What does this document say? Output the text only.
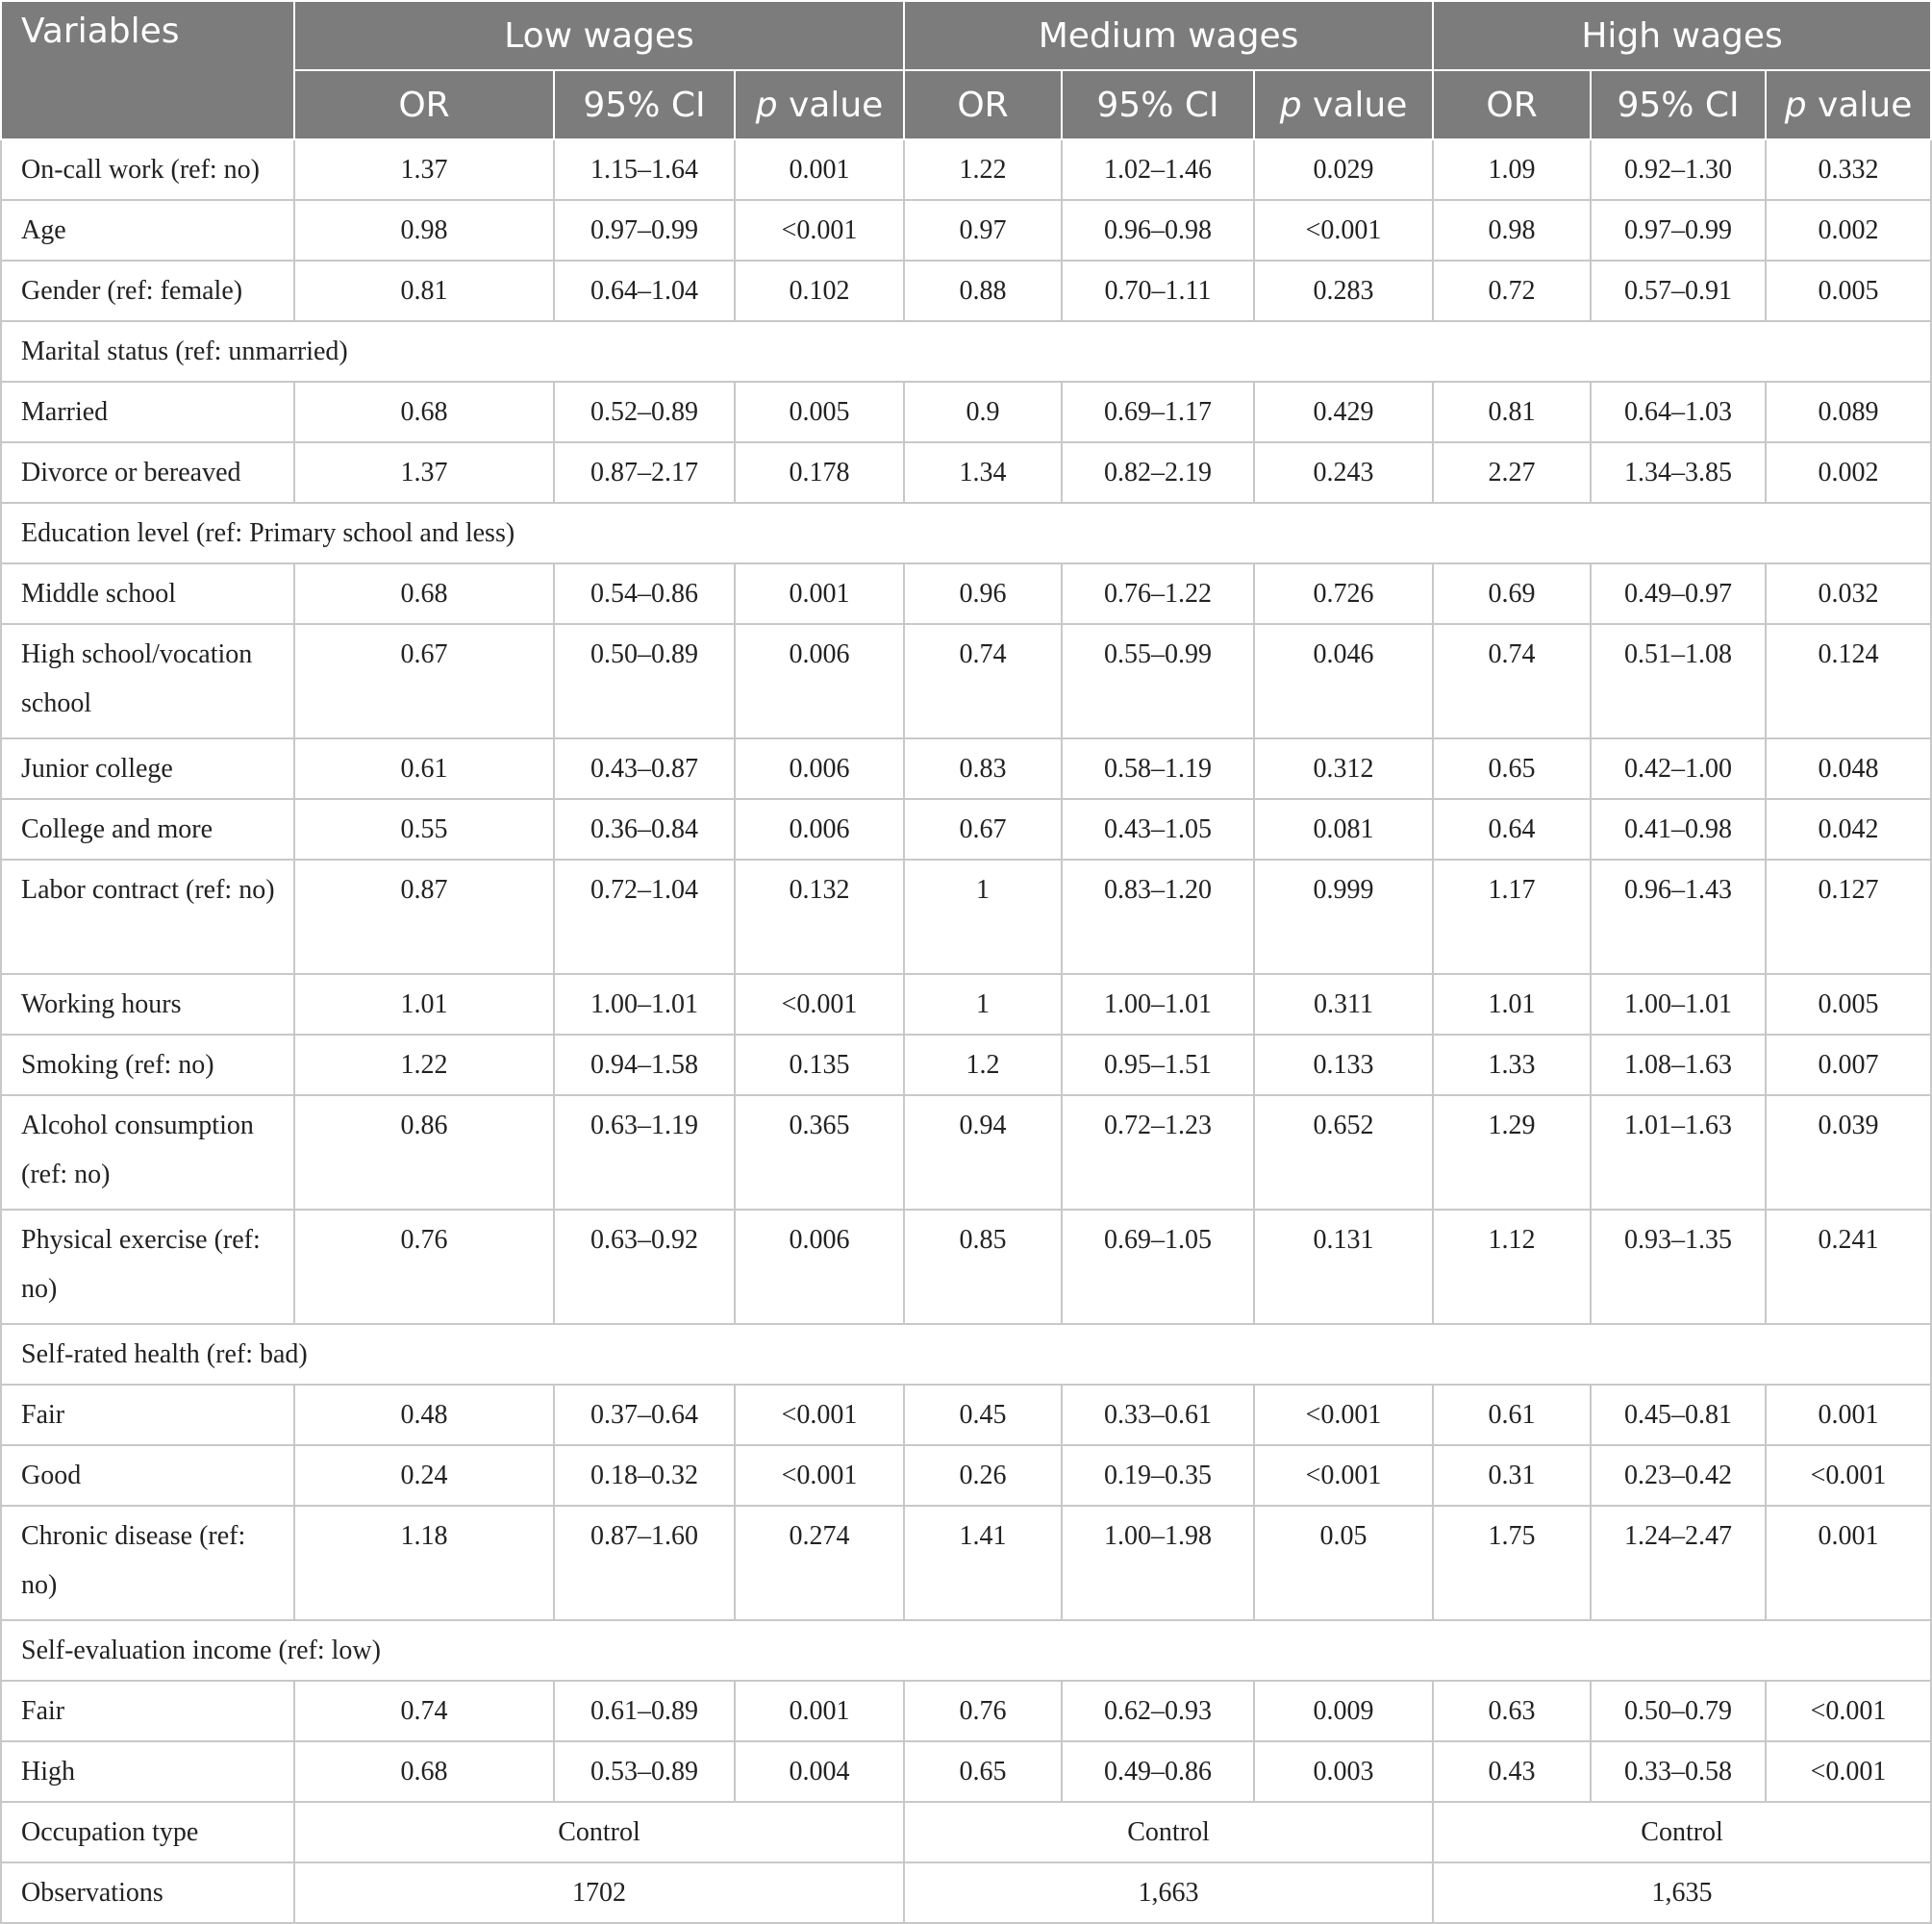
Variables	Low wages			Medium wages			High wages		
	OR	95% CI	p value	OR	95% CI	p value	OR	95% CI	p value
On-call work (ref: no)	1.37	1.15–1.64	0.001	1.22	1.02–1.46	0.029	1.09	0.92–1.30	0.332
Age	0.98	0.97–0.99	<0.001	0.97	0.96–0.98	<0.001	0.98	0.97–0.99	0.002
Gender (ref: female)	0.81	0.64–1.04	0.102	0.88	0.70–1.11	0.283	0.72	0.57–0.91	0.005
Marital status (ref: unmarried)									
Married	0.68	0.52–0.89	0.005	0.9	0.69–1.17	0.429	0.81	0.64–1.03	0.089
Divorce or bereaved	1.37	0.87–2.17	0.178	1.34	0.82–2.19	0.243	2.27	1.34–3.85	0.002
Education level (ref: Primary school and less)									
Middle school	0.68	0.54–0.86	0.001	0.96	0.76–1.22	0.726	0.69	0.49–0.97	0.032
High school/vocation school	0.67	0.50–0.89	0.006	0.74	0.55–0.99	0.046	0.74	0.51–1.08	0.124
Junior college	0.61	0.43–0.87	0.006	0.83	0.58–1.19	0.312	0.65	0.42–1.00	0.048
College and more	0.55	0.36–0.84	0.006	0.67	0.43–1.05	0.081	0.64	0.41–0.98	0.042
Labor contract (ref: no)	0.87	0.72–1.04	0.132	1	0.83–1.20	0.999	1.17	0.96–1.43	0.127
Working hours	1.01	1.00–1.01	<0.001	1	1.00–1.01	0.311	1.01	1.00–1.01	0.005
Smoking (ref: no)	1.22	0.94–1.58	0.135	1.2	0.95–1.51	0.133	1.33	1.08–1.63	0.007
Alcohol consumption (ref: no)	0.86	0.63–1.19	0.365	0.94	0.72–1.23	0.652	1.29	1.01–1.63	0.039
Physical exercise (ref: no)	0.76	0.63–0.92	0.006	0.85	0.69–1.05	0.131	1.12	0.93–1.35	0.241
Self-rated health (ref: bad)									
Fair	0.48	0.37–0.64	<0.001	0.45	0.33–0.61	<0.001	0.61	0.45–0.81	0.001
Good	0.24	0.18–0.32	<0.001	0.26	0.19–0.35	<0.001	0.31	0.23–0.42	<0.001
Chronic disease (ref: no)	1.18	0.87–1.60	0.274	1.41	1.00–1.98	0.05	1.75	1.24–2.47	0.001
Self-evaluation income (ref: low)									
Fair	0.74	0.61–0.89	0.001	0.76	0.62–0.93	0.009	0.63	0.50–0.79	<0.001
High	0.68	0.53–0.89	0.004	0.65	0.49–0.86	0.003	0.43	0.33–0.58	<0.001
Occupation type	Control			Control			Control		
Observations	1702			1,663			1,635		
